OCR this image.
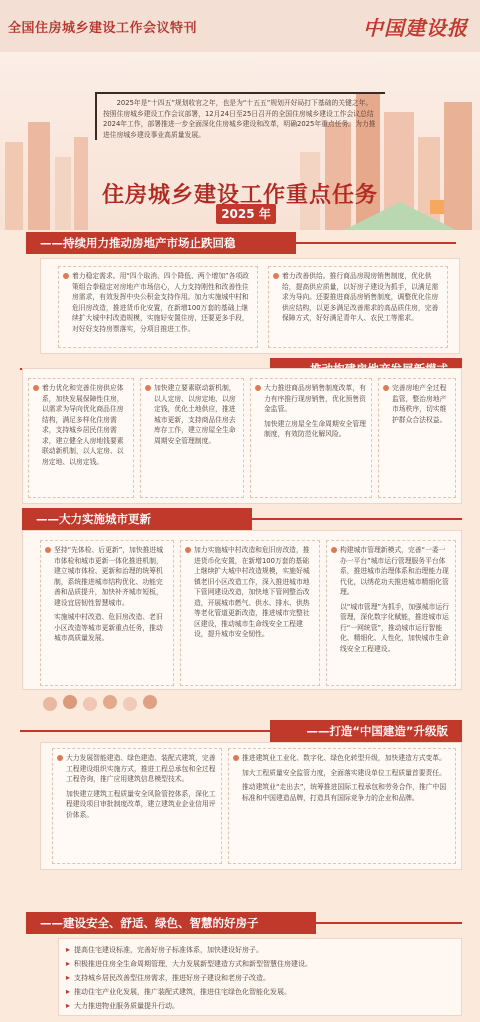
全国住房城乡建设工作会议特刊	中国建设报

2025年是“十四五”规划收官之年，也是为“十五五”规划开好局打下基础的关键之年。按照住房城乡建设工作会议部署，12月24日至25日召开的全国住房城乡建设工作会议总结2024年工作，部署推进一步全面深化住房城乡建设和改革，明确2025年重点任务。为力推进住房城乡建设事业高质量发展。

2025 年
住房城乡建设工作重点任务
——持续用力推动房地产市场止跌回稳

着力稳定需求。用“四个取消、四个降低、两个增加”各项政策组合拳稳定对房地产市场信心，人力支持刚性和改善性住房需求，有效发挥中央公积金支持作用。加力实施城中村和危旧房改造，推进货币化安置，在新增100万套的基础上继续扩大城中村改造规模，实施好安置住房，还要更多手段，对好好支持房票落实，分项目推进工作。

着力改善供给。推行商品房现房销售制度，优化供给，提高供应质量，以好房子建设为抓手，以满足需求为导向。还要推进商品房销售制度，调整优化住房供应结构，以更多满足改善需求的高品质住房，完善保障方式，好好满足青年人、农民工等需求。

着力优化和完善住房供应体系，加快发展保障性住房，以需求为导向优化商品住房结构，满足多样化住房需求，支持城乡居民住房需求，建立健全人房地钱要素联动新机制，以人定房、以房定地、以房定钱。

加快建立要素联动新机制，以人定房、以房定地、以房定钱，优化土地供应，推进城市更新，支持商品住房去库存工作，建立房屋全生命周期安全管理制度。

大力推进商品房销售制度改革，有力有序推行现房销售，优化预售资金监管。

加快建立房屋全生命周期安全管理制度，有效防范化解风险。

完善房地产全过程监管，整治房地产市场秩序，切实维护群众合法权益。

——大力实施城市更新

坚持“先体检、后更新”，加快推进城市体检和城市更新一体化推进机制，建立城市体检、更新和治理的统筹机制，系统推进城市结构优化、功能完善和品质提升，加快补齐城市短板，建设宜居韧性智慧城市。

实施城中村改造、危旧房改造、老旧小区改造等城市更新重点任务，推动城市高质量发展。

加力实施城中村改造和危旧房改造，推进货币化安置，在新增100万套的基础上继续扩大城中村改造规模，实施好城镇老旧小区改造工作，深入推进城市地下管网建设改造，加快地下管网整治改造，开展城市燃气、供水、排水、供热等老化管道更新改造，推进城市完整社区建设，推动城市生命线安全工程建设，提升城市安全韧性。

构建城市管理新模式，完善“一委一办一平台”城市运行管理服务平台体系，推进城市治理体系和治理能力现代化，以绣花功夫推进城市精细化管理。

以“城市管理”为抓手，加强城市运行管理，深化数字化赋能，推进城市运行“一网统管”，推动城市运行智能化、精细化、人性化，加快城市生命线安全工程建设。

——打造“中国建造”升级版

大力发展智能建造、绿色建造、装配式建筑，完善工程建设组织实施方式，推进工程总承包和全过程工程咨询，推广应用建筑信息模型技术。

加快建立建筑工程质量安全风险管控体系，深化工程建设项目审批制度改革，建立建筑业企业信用评价体系。

推进建筑业工业化、数字化、绿色化转型升级，加快建造方式变革。

加大工程质量安全监管力度，全面落实建设单位工程质量首要责任。

推动建筑业“走出去”，统筹推进国际工程承包和劳务合作，推广中国标准和中国建造品牌，打造具有国际竞争力的企业和品牌。

——建设安全、舒适、绿色、智慧的好房子
▸ 提高住宅建设标准，完善好房子标准体系，加快建设好房子。
▸ 积极推进住房全生命周期管理，大力发展新型建造方式和新型智慧住房建设。
▸ 支持城乡居民改善型住房需求，推进好房子建设和老房子改造。
▸ 推动住宅产业化发展，推广装配式建筑，推进住宅绿色化智能化发展。
▸ 大力推进物业服务质量提升行动。
